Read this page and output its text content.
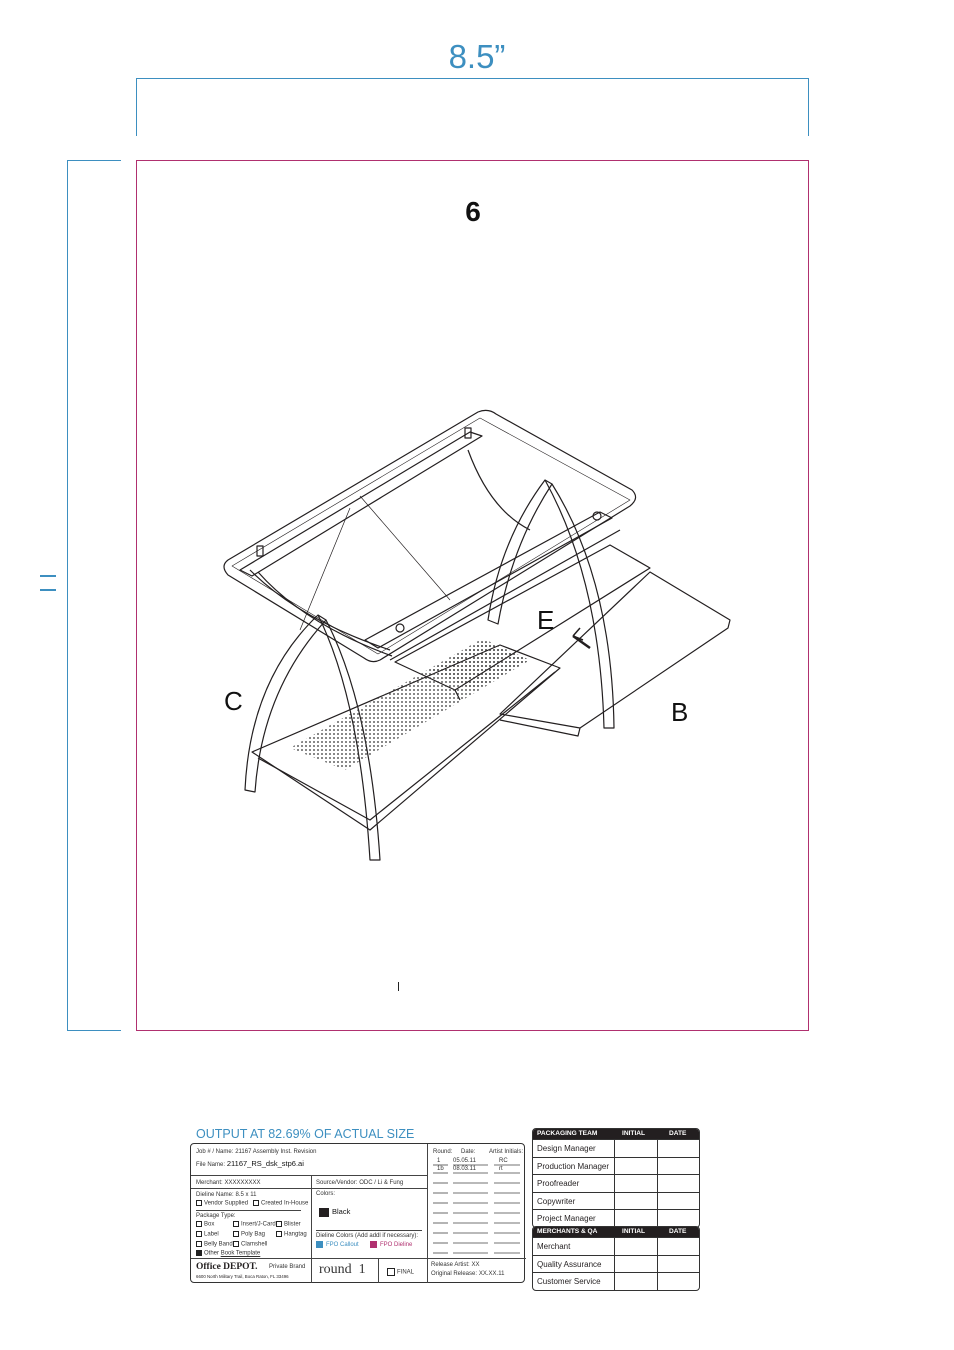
8.5”
6
C
E
B
OUTPUT AT 82.69% OF ACTUAL SIZE
Job # / Name: 21167 Assembly Inst. Revision
File Name: 21167_RS_dsk_stp6.ai
Merchant: XXXXXXXXX	Source/Vendor: ODC / Li & Fung
Dieline Name: 8.5 x 11
Vendor Supplied	Created In-House
Package Type:
Box	Insert/J-Card	Blister
Label	Poly Bag	Hangtag
Belly Band	Clamshell
Other Book Template
Colors:
Black
Dieline Colors (Add addl if necessary):
FPO Callout	FPO Dieline
Round: Date: Artist Initials:
1 05.05.11	RC
1b 08.03.11	rt
Office DEPOT. Private Brand
6600 North Military Trail, Boca Raton, FL 33496 round  1	FINAL
Release Artist: XX
Original Release: XX.XX.11
PACKAGING TEAM	INITIAL	DATE
Design Manager
Production Manager
Proofreader
Copywriter
Project Manager
MERCHANTS & QA	INITIAL	DATE
Merchant
Quality Assurance
Customer Service
